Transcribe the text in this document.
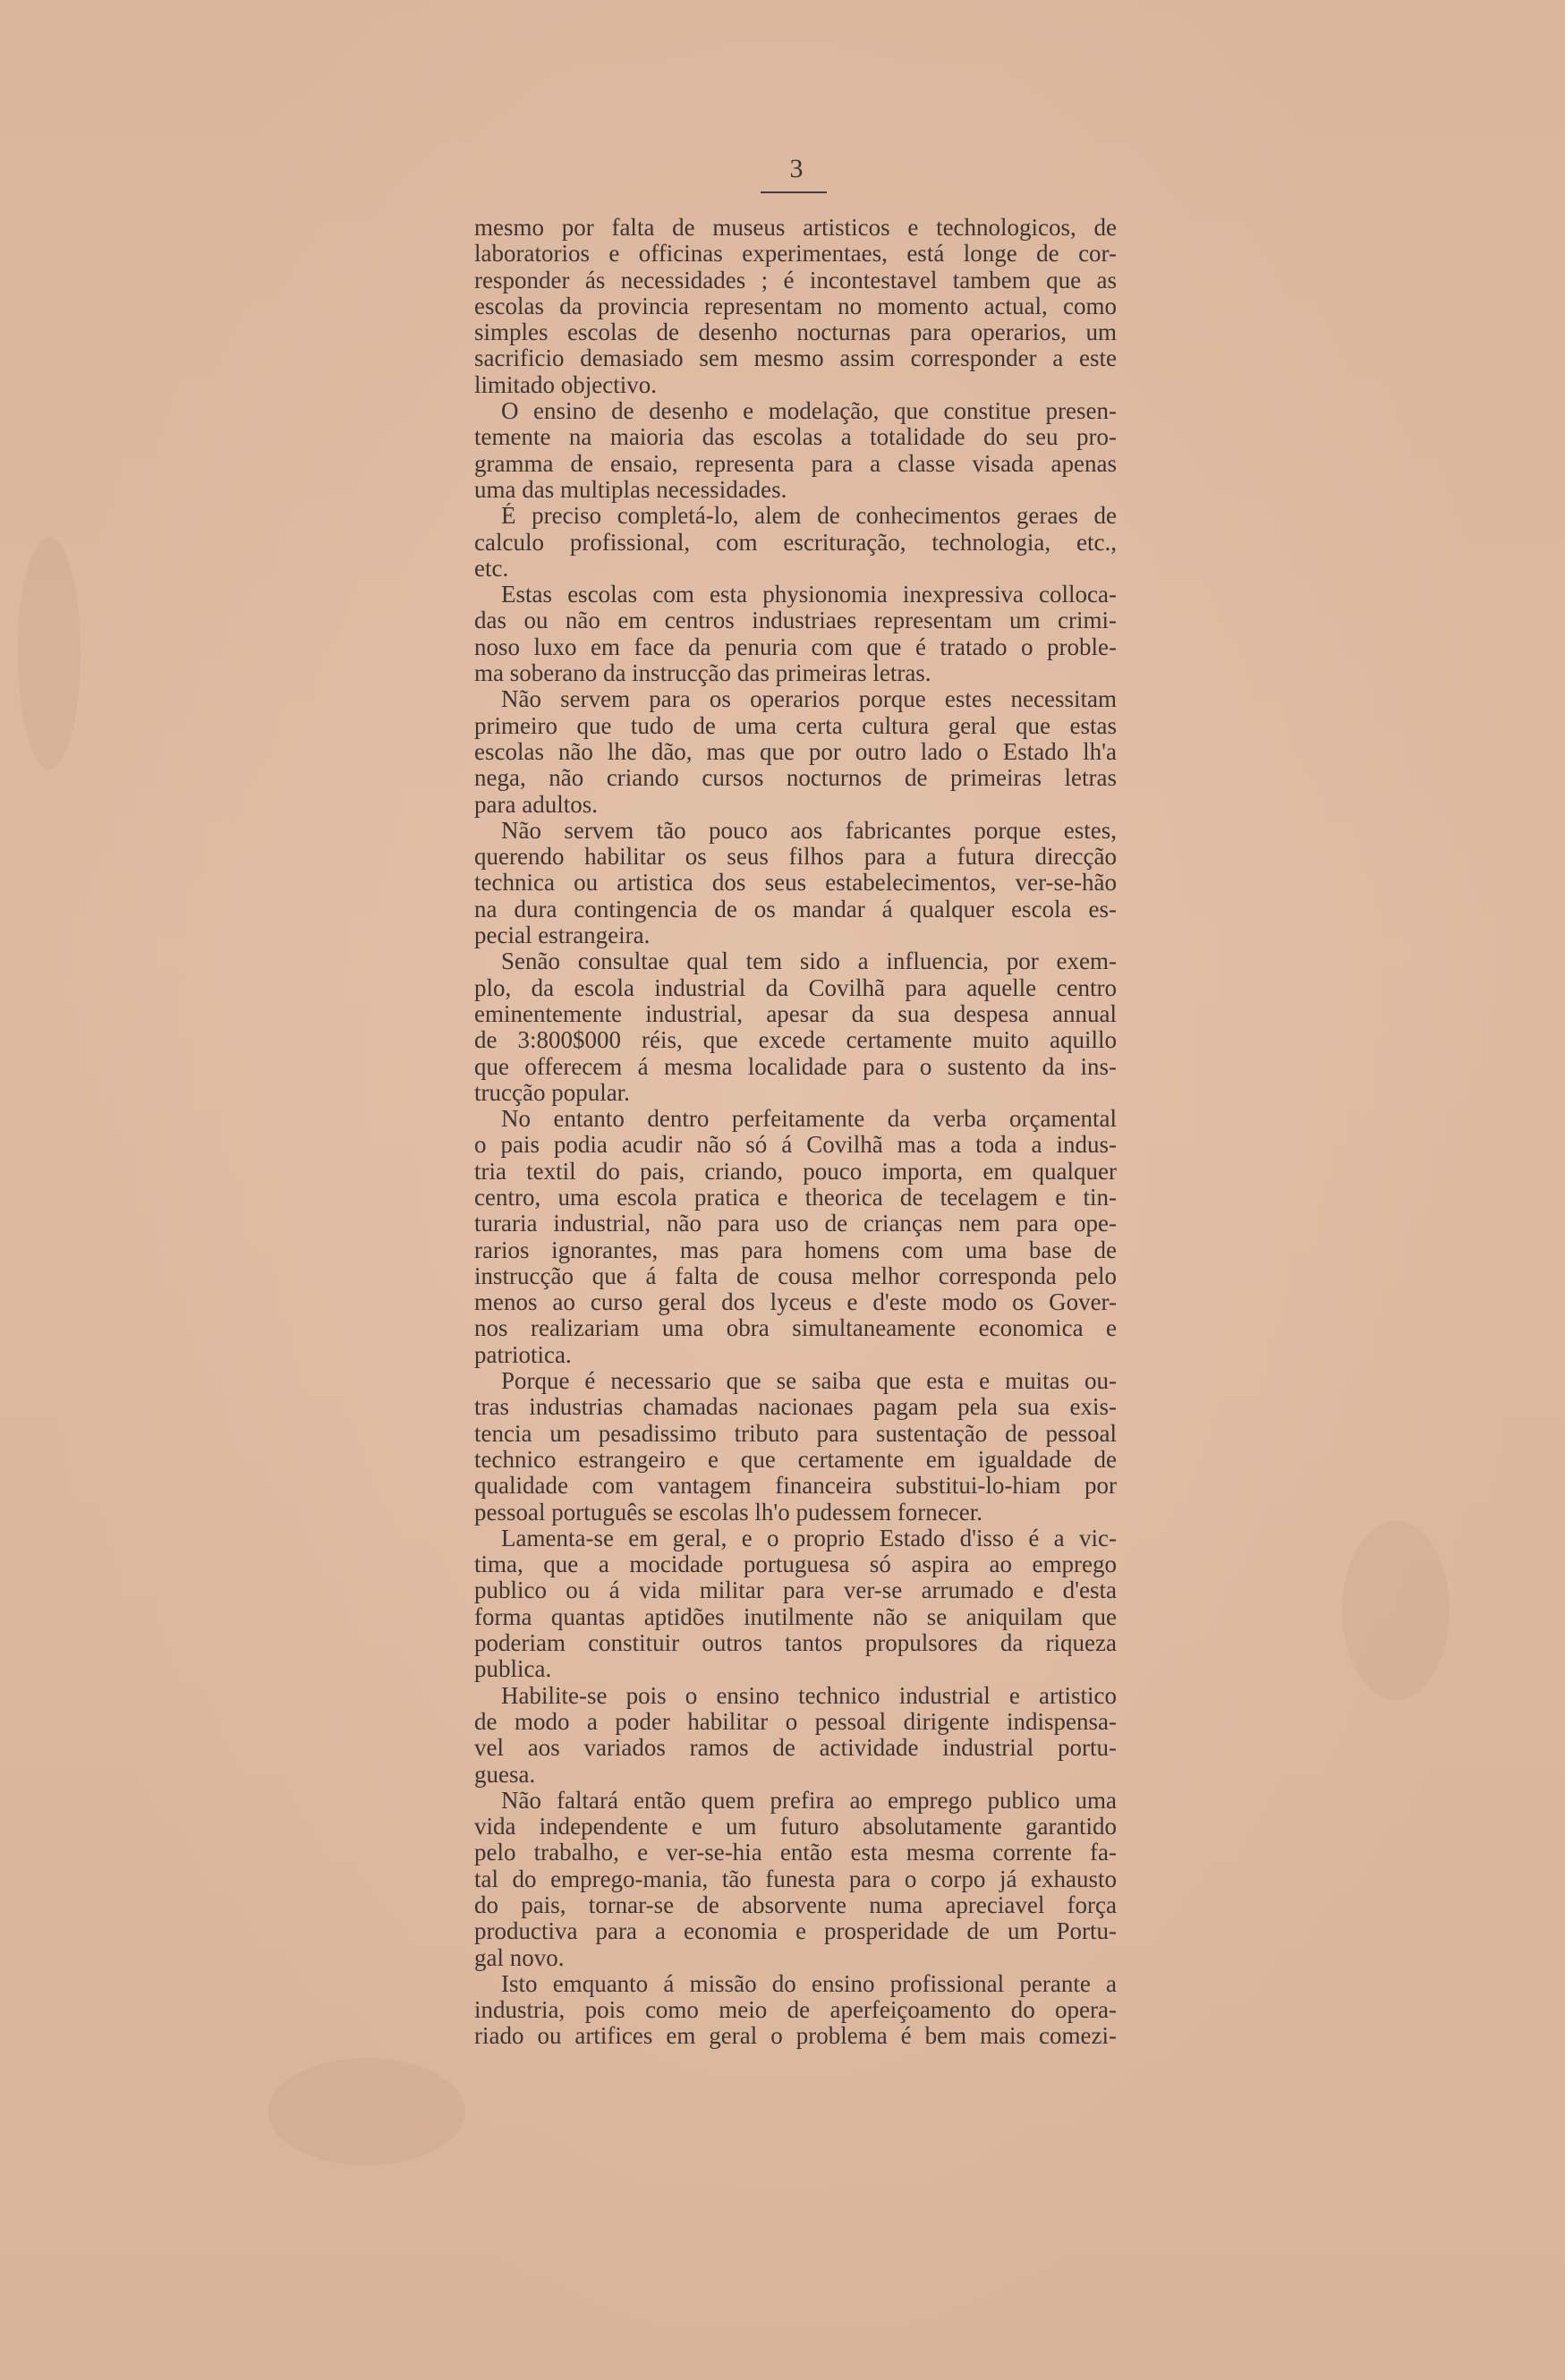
3
mesmo por falta de museus artisticos e technologicos, de
laboratorios e officinas experimentaes, está longe de cor-
responder ás necessidades ; é incontestavel tambem que as
escolas da provincia representam no momento actual, como
simples escolas de desenho nocturnas para operarios, um
sacrificio demasiado sem mesmo assim corresponder a este
limitado objectivo.
O ensino de desenho e modelação, que constitue presen-
temente na maioria das escolas a totalidade do seu pro-
gramma de ensaio, representa para a classe visada apenas
uma das multiplas necessidades.
É preciso completá-lo, alem de conhecimentos geraes de
calculo profissional, com escrituração, technologia, etc.,
etc.
Estas escolas com esta physionomia inexpressiva colloca-
das ou não em centros industriaes representam um crimi-
noso luxo em face da penuria com que é tratado o proble-
ma soberano da instrucção das primeiras letras.
Não servem para os operarios porque estes necessitam
primeiro que tudo de uma certa cultura geral que estas
escolas não lhe dão, mas que por outro lado o Estado lh'a
nega, não criando cursos nocturnos de primeiras letras
para adultos.
Não servem tão pouco aos fabricantes porque estes,
querendo habilitar os seus filhos para a futura direcção
technica ou artistica dos seus estabelecimentos, ver-se-hão
na dura contingencia de os mandar á qualquer escola es-
pecial estrangeira.
Senão consultae qual tem sido a influencia, por exem-
plo, da escola industrial da Covilhã para aquelle centro
eminentemente industrial, apesar da sua despesa annual
de 3:800$000 réis, que excede certamente muito aquillo
que offerecem á mesma localidade para o sustento da ins-
trucção popular.
No entanto dentro perfeitamente da verba orçamental
o pais podia acudir não só á Covilhã mas a toda a indus-
tria textil do pais, criando, pouco importa, em qualquer
centro, uma escola pratica e theorica de tecelagem e tin-
turaria industrial, não para uso de crianças nem para ope-
rarios ignorantes, mas para homens com uma base de
instrucção que á falta de cousa melhor corresponda pelo
menos ao curso geral dos lyceus e d'este modo os Gover-
nos realizariam uma obra simultaneamente economica e
patriotica.
Porque é necessario que se saiba que esta e muitas ou-
tras industrias chamadas nacionaes pagam pela sua exis-
tencia um pesadissimo tributo para sustentação de pessoal
technico estrangeiro e que certamente em igualdade de
qualidade com vantagem financeira substitui-lo-hiam por
pessoal português se escolas lh'o pudessem fornecer.
Lamenta-se em geral, e o proprio Estado d'isso é a vic-
tima, que a mocidade portuguesa só aspira ao emprego
publico ou á vida militar para ver-se arrumado e d'esta
forma quantas aptidões inutilmente não se aniquilam que
poderiam constituir outros tantos propulsores da riqueza
publica.
Habilite-se pois o ensino technico industrial e artistico
de modo a poder habilitar o pessoal dirigente indispensa-
vel aos variados ramos de actividade industrial portu-
guesa.
Não faltará então quem prefira ao emprego publico uma
vida independente e um futuro absolutamente garantido
pelo trabalho, e ver-se-hia então esta mesma corrente fa-
tal do emprego-mania, tão funesta para o corpo já exhausto
do pais, tornar-se de absorvente numa apreciavel força
productiva para a economia e prosperidade de um Portu-
gal novo.
Isto emquanto á missão do ensino profissional perante a
industria, pois como meio de aperfeiçoamento do opera-
riado ou artifices em geral o problema é bem mais comezi-
